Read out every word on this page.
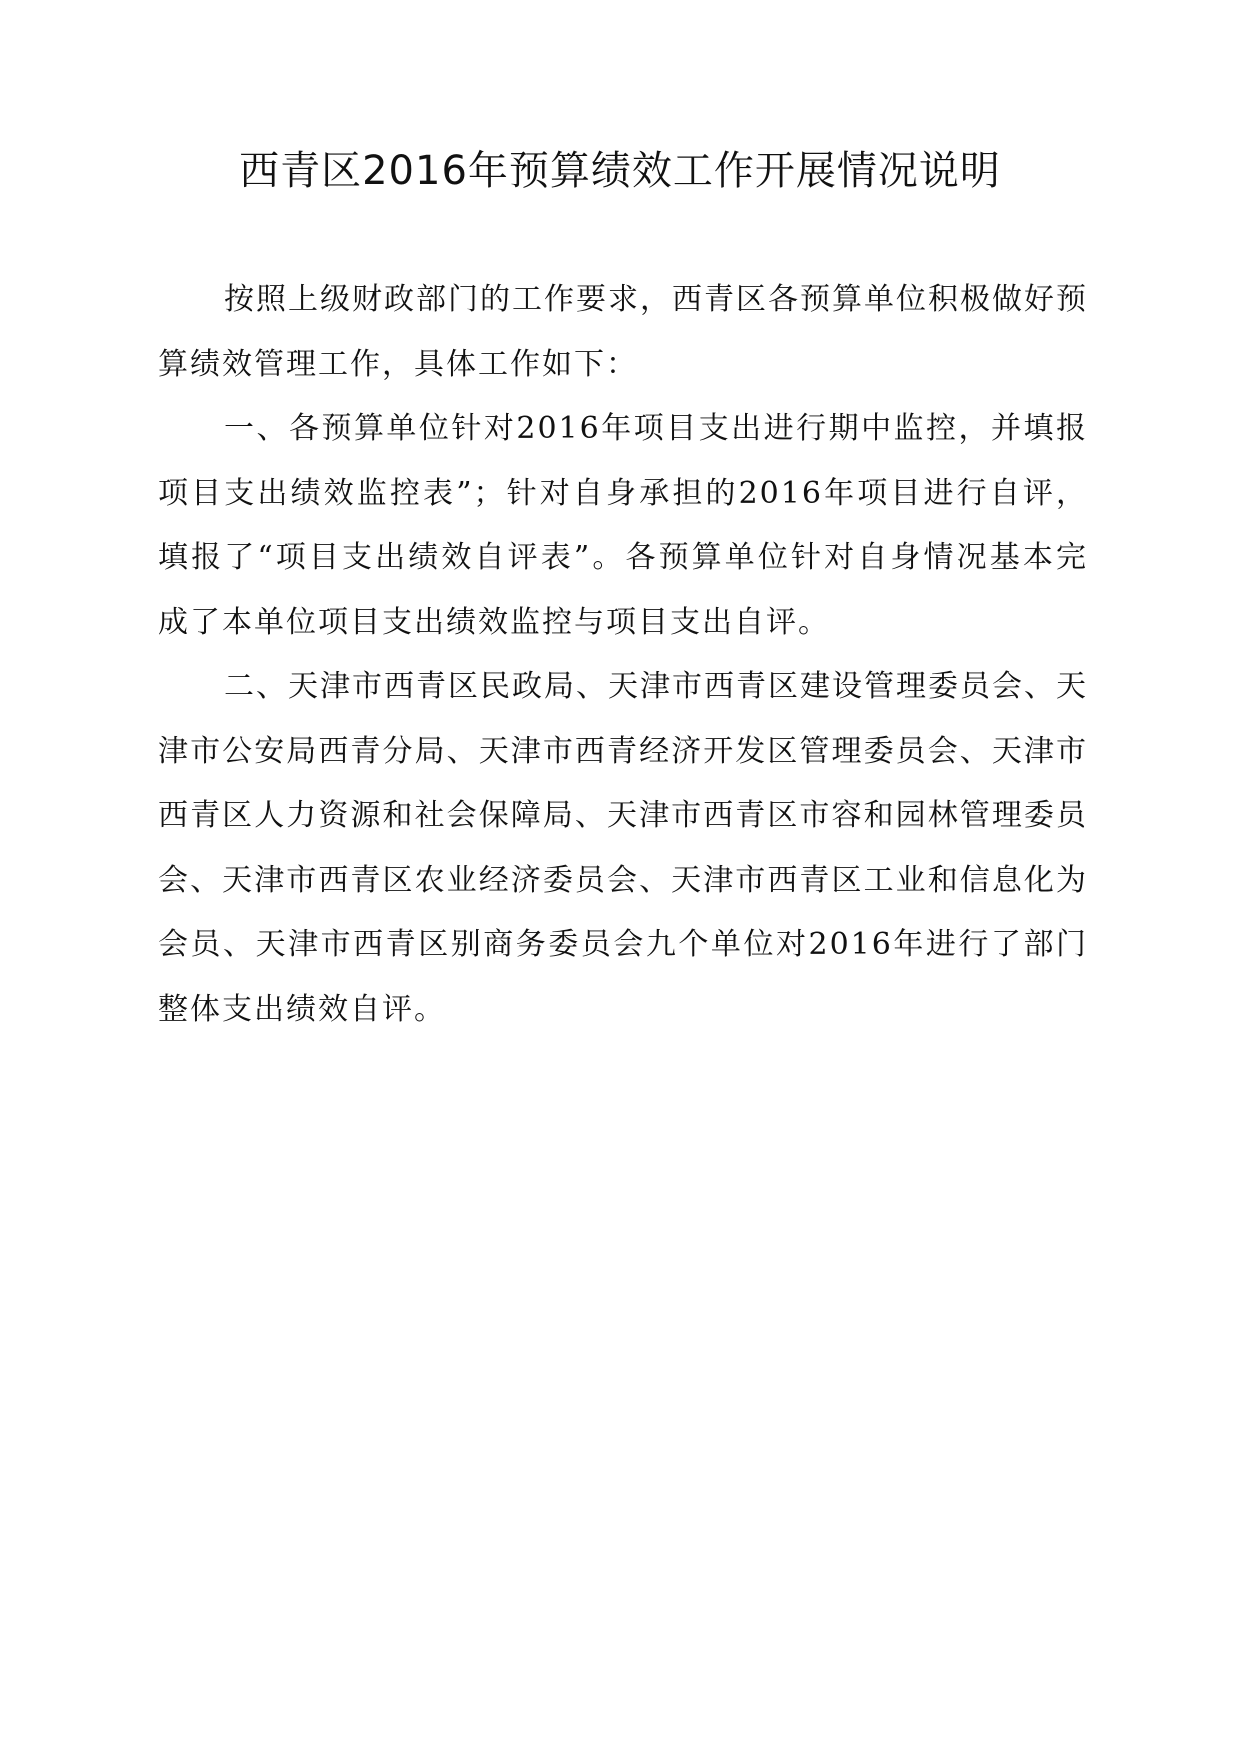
西青区2016年预算绩效工作开展情况说明

按照上级财政部门的工作要求，西青区各预算单位积极做好预算绩效管理工作，具体工作如下：

一、各预算单位针对2016年项目支出进行期中监控，并填报项目支出绩效监控表”；针对自身承担的2016年项目进行自评，填报了“项目支出绩效自评表”。各预算单位针对自身情况基本完成了本单位项目支出绩效监控与项目支出自评。

二、天津市西青区民政局、天津市西青区建设管理委员会、天津市公安局西青分局、天津市西青经济开发区管理委员会、天津市西青区人力资源和社会保障局、天津市西青区市容和园林管理委员会、天津市西青区农业经济委员会、天津市西青区工业和信息化为会员、天津市西青区别商务委员会九个单位对2016年进行了部门整体支出绩效自评。
